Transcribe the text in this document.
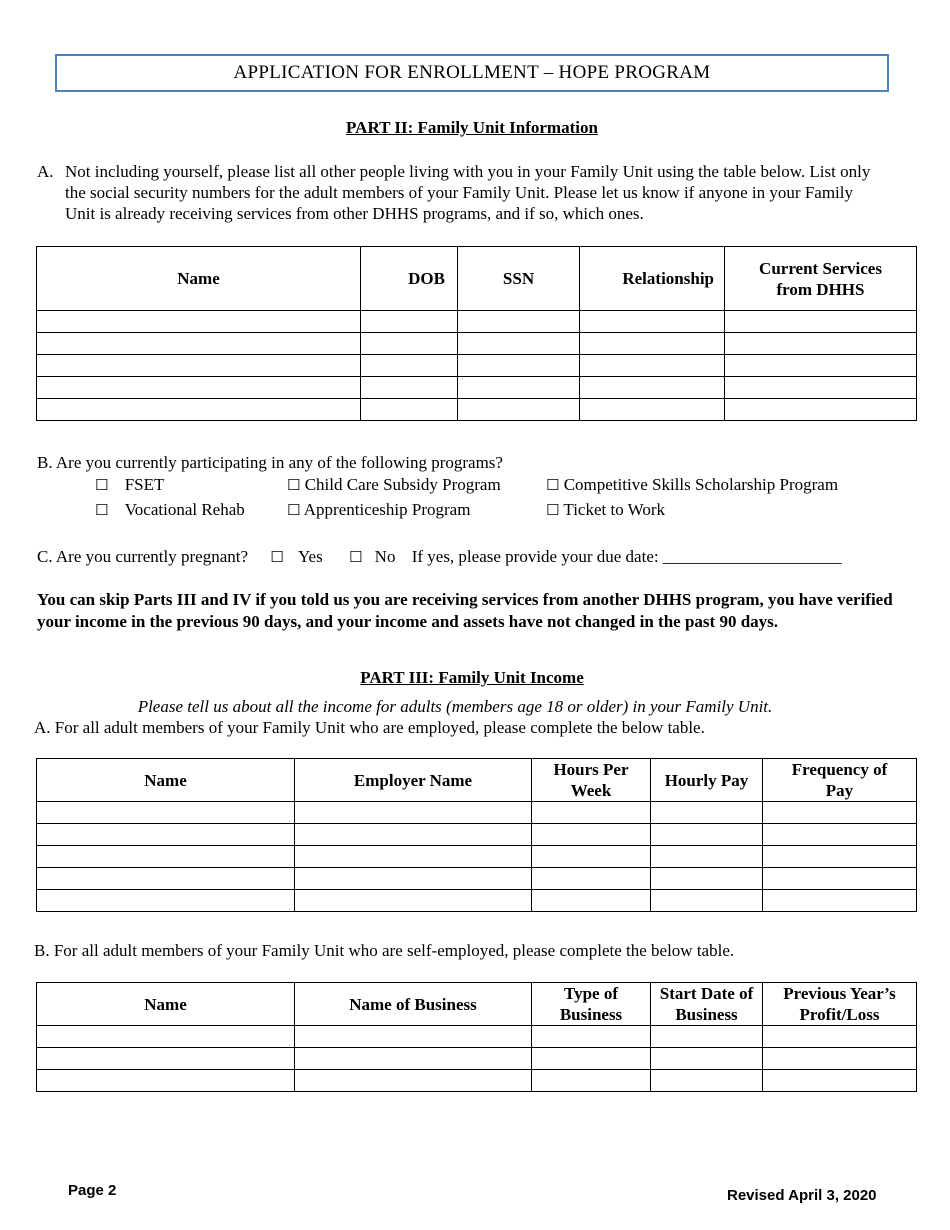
APPLICATION FOR ENROLLMENT – HOPE PROGRAM
PART II: Family Unit Information
A. Not including yourself, please list all other people living with you in your Family Unit using the table below. List only the social security numbers for the adult members of your Family Unit. Please let us know if anyone in your Family Unit is already receiving services from other DHHS programs, and if so, which ones.
Name	DOB	SSN	Relationship	Current Services from DHHS

B. Are you currently participating in any of the following programs?
☐ FSET	☐ Child Care Subsidy Program	☐ Competitive Skills Scholarship Program
☐ Vocational Rehab	☐ Apprenticeship Program	☐ Ticket to Work
C. Are you currently pregnant? ☐ Yes ☐ No If yes, please provide your due date: _____________________
You can skip Parts III and IV if you told us you are receiving services from another DHHS program, you have verified your income in the previous 90 days, and your income and assets have not changed in the past 90 days.
PART III: Family Unit Income
Please tell us about all the income for adults (members age 18 or older) in your Family Unit.
A. For all adult members of your Family Unit who are employed, please complete the below table.
Name	Employer Name	Hours Per Week	Hourly Pay	Frequency of Pay

B. For all adult members of your Family Unit who are self-employed, please complete the below table.
Name	Name of Business	Type of Business	Start Date of Business	Previous Year’s Profit/Loss

Page 2	Revised April 3, 2020
